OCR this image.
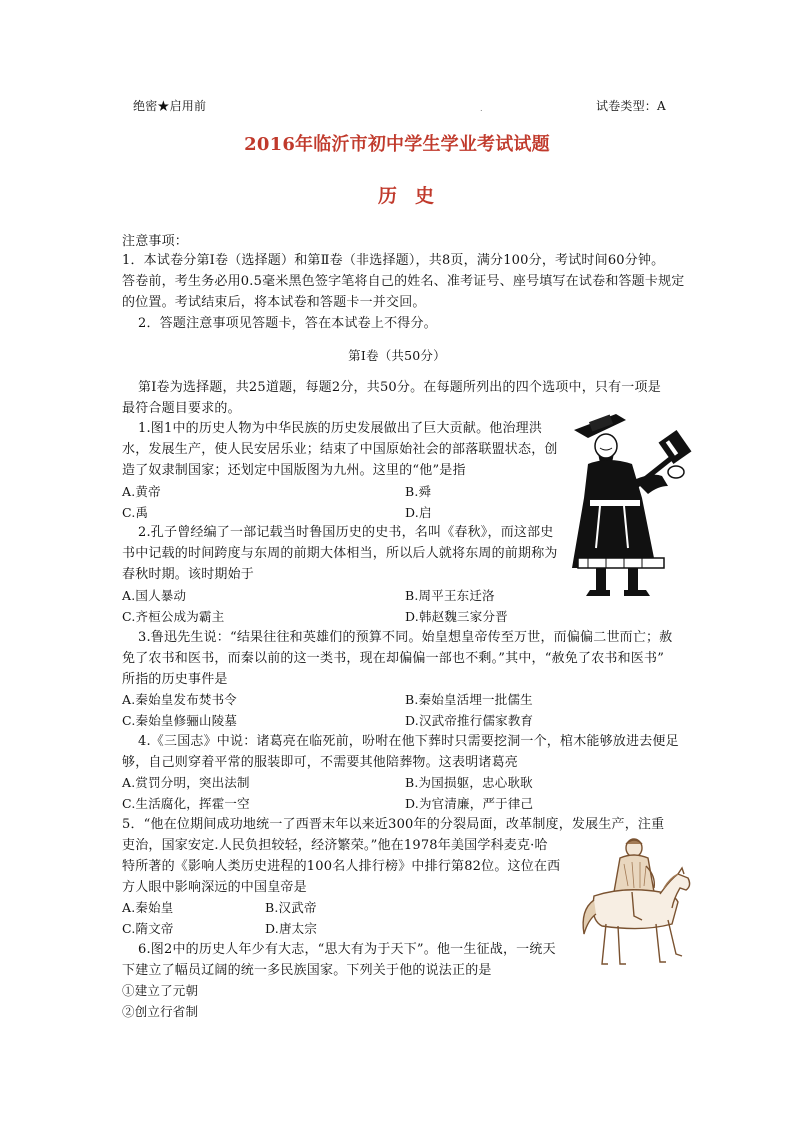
绝密★启用前	.	试卷类型：A
2016年临沂市初中学生学业考试试题
历史
注意事项：
1．本试卷分第Ⅰ卷（选择题）和第Ⅱ卷（非选择题），共8页，满分100分，考试时间60分钟。
答卷前，考生务必用0.5毫米黑色签字笔将自己的姓名、准考证号、座号填写在试卷和答题卡规定
的位置。考试结束后，将本试卷和答题卡一并交回。
2．答题注意事项见答题卡，答在本试卷上不得分。
第Ⅰ卷（共50分）
第Ⅰ卷为选择题，共25道题，每题2分，共50分。在每题所列出的四个选项中，只有一项是
最符合题目要求的。
1.图1中的历史人物为中华民族的历史发展做出了巨大贡献。他治理洪
水，发展生产，使人民安居乐业；结束了中国原始社会的部落联盟状态，创
造了奴隶制国家；还划定中国版图为九州。这里的“他”是指
A.黄帝	B.舜
C.禹	D.启
2.孔子曾经编了一部记载当时鲁国历史的史书，名叫《春秋》，而这部史
书中记载的时间跨度与东周的前期大体相当，所以后人就将东周的前期称为
春秋时期。该时期始于
A.国人暴动	B.周平王东迁洛
C.齐桓公成为霸主	D.韩赵魏三家分晋
3.鲁迅先生说：“结果往往和英雄们的预算不同。始皇想皇帝传至万世，而偏偏二世而亡；赦
免了农书和医书，而秦以前的这一类书，现在却偏偏一部也不剩。”其中，“赦免了农书和医书”
所指的历史事件是
A.秦始皇发布焚书令	B.秦始皇活埋一批儒生
C.秦始皇修骊山陵墓	D.汉武帝推行儒家教育
4.《三国志》中说：诸葛亮在临死前，吩咐在他下葬时只需要挖洞一个，棺木能够放进去便足
够，自己则穿着平常的服装即可，不需要其他陪葬物。这表明诸葛亮
A.赏罚分明，突出法制	B.为国损躯，忠心耿耿
C.生活腐化，挥霍一空	D.为官清廉，严于律己
5．“他在位期间成功地统一了西晋末年以来近300年的分裂局面，改革制度，发展生产，注重
吏治，国家安定.人民负担较轻，经济繁荣。”他在1978年美国学科麦克·哈
特所著的《影响人类历史进程的100名人排行榜》中排行第82位。这位在西
方人眼中影响深远的中国皇帝是
A.秦始皇	B.汉武帝
C.隋文帝	D.唐太宗
6.图2中的历史人年少有大志，“思大有为于天下”。他一生征战，一统天
下建立了幅员辽阔的统一多民族国家。下列关于他的说法正的是
①建立了元朝
②创立行省制
